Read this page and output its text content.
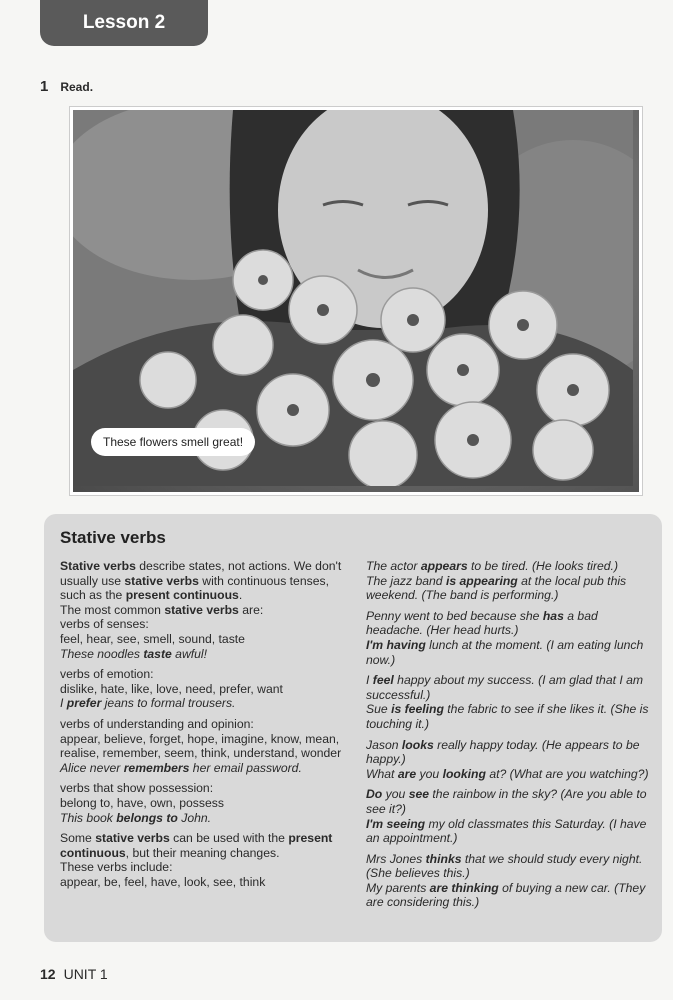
Lesson 2
1 Read.
These flowers smell great!
Stative verbs

Stative verbs describe states, not actions. We don't usually use stative verbs with continuous tenses, such as the present continuous.
The most common stative verbs are:
verbs of senses:
feel, hear, see, smell, sound, taste
These noodles taste awful!

verbs of emotion:
dislike, hate, like, love, need, prefer, want
I prefer jeans to formal trousers.

verbs of understanding and opinion:
appear, believe, forget, hope, imagine, know, mean, realise, remember, seem, think, understand, wonder
Alice never remembers her email password.

verbs that show possession:
belong to, have, own, possess
This book belongs to John.

Some stative verbs can be used with the present continuous, but their meaning changes.
These verbs include:
appear, be, feel, have, look, see, think

The actor appears to be tired. (He looks tired.)
The jazz band is appearing at the local pub this weekend. (The band is performing.)

Penny went to bed because she has a bad headache. (Her head hurts.)
I'm having lunch at the moment. (I am eating lunch now.)

I feel happy about my success. (I am glad that I am successful.)
Sue is feeling the fabric to see if she likes it. (She is touching it.)

Jason looks really happy today. (He appears to be happy.)
What are you looking at? (What are you watching?)

Do you see the rainbow in the sky? (Are you able to see it?)
I'm seeing my old classmates this Saturday. (I have an appointment.)

Mrs Jones thinks that we should study every night. (She believes this.)
My parents are thinking of buying a new car. (They are considering this.)

12 UNIT 1
